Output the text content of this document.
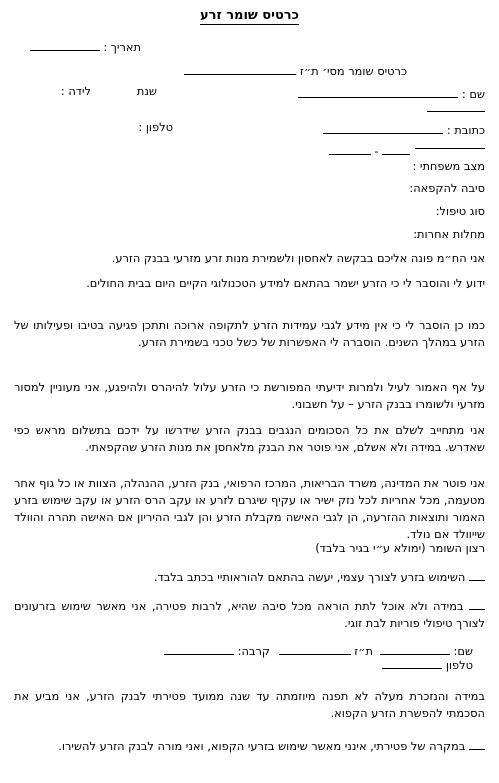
כרטיס שומר זרע
תאריך :
כרטיס שומר מסי׳ ת״ז
שם :
שנת
לידה :
כתובת :
טלפון :
-
מצב משפחתי :
סיבה להקפאה:
סוג טיפול:
מחלות אחרות:
אני הח״מ פונה אליכם בבקשה לאחסון ולשמירת מנות זרע מזרעי בבנק הזרע.
ידוע לי והוסבר לי כי הזרע ישמר בהתאם למידע הטכנולוגי הקיים היום בבית החולים.
כמו כן הוסבר לי כי אין מידע לגבי עמידות הזרע לתקופה ארוכה ותתכן פגיעה בטיבו ופעילותו של הזרע במהלך השנים. הוסברה לי האפשרות של כשל טכני בשמירת הזרע.
על אף האמור לעיל ולמרות ידיעתי המפורשת כי הזרע עלול להיהרס ולהיפגע, אני מעוניין למסור מזרעי ולשומרו בבנק הזרע – על חשבוני.
אני מתחייב לשלם את כל הסכומים הנגבים בבנק הזרע שידרשו על ידכם בתשלום מראש כפי שאדרש. במידה ולא אשלם, אני פוטר את הבנק מלאחסן את מנות הזרע שהקפאתי.
אני פוטר את המדינה, משרד הבריאות, המרכז הרפואי, בנק הזרע, ההנהלה, הצוות או כל גוף אחר מטעמה, מכל אחריות לכל נזק ישיר או עקיף שיגרם לזרע או עקב הרס הזרע או עקב שימוש בזרע האמור ותוצאות ההזרעה, הן לגבי האישה מקבלת הזרע והן לגבי ההיריון אם האישה תהרה והוולד שייוולד אם נולד.
רצון השומר (ימולא ע״י בגיר בלבד)
השימוש בזרע לצורך עצמי, יעשה בהתאם להוראותיי בכתב בלבד.
במידה ולא אוכל לתת הוראה מכל סיבה שהיא, לרבות פטירה, אני מאשר שימוש בזרעונים לצורך טיפולי פוריות לבת זוגי.
שם:
ת״ז
קרבה:
טלפון
במידה והנזכרת מעלה לא תפנה מיוזמתה עד שנה ממועד פטירתי לבנק הזרע, אני מביע את הסכמתי להפשרת הזרע הקפוא.
במקרה של פטירתי, אינני מאשר שימוש בזרעי הקפוא, ואני מורה לבנק הזרע להשירו.
